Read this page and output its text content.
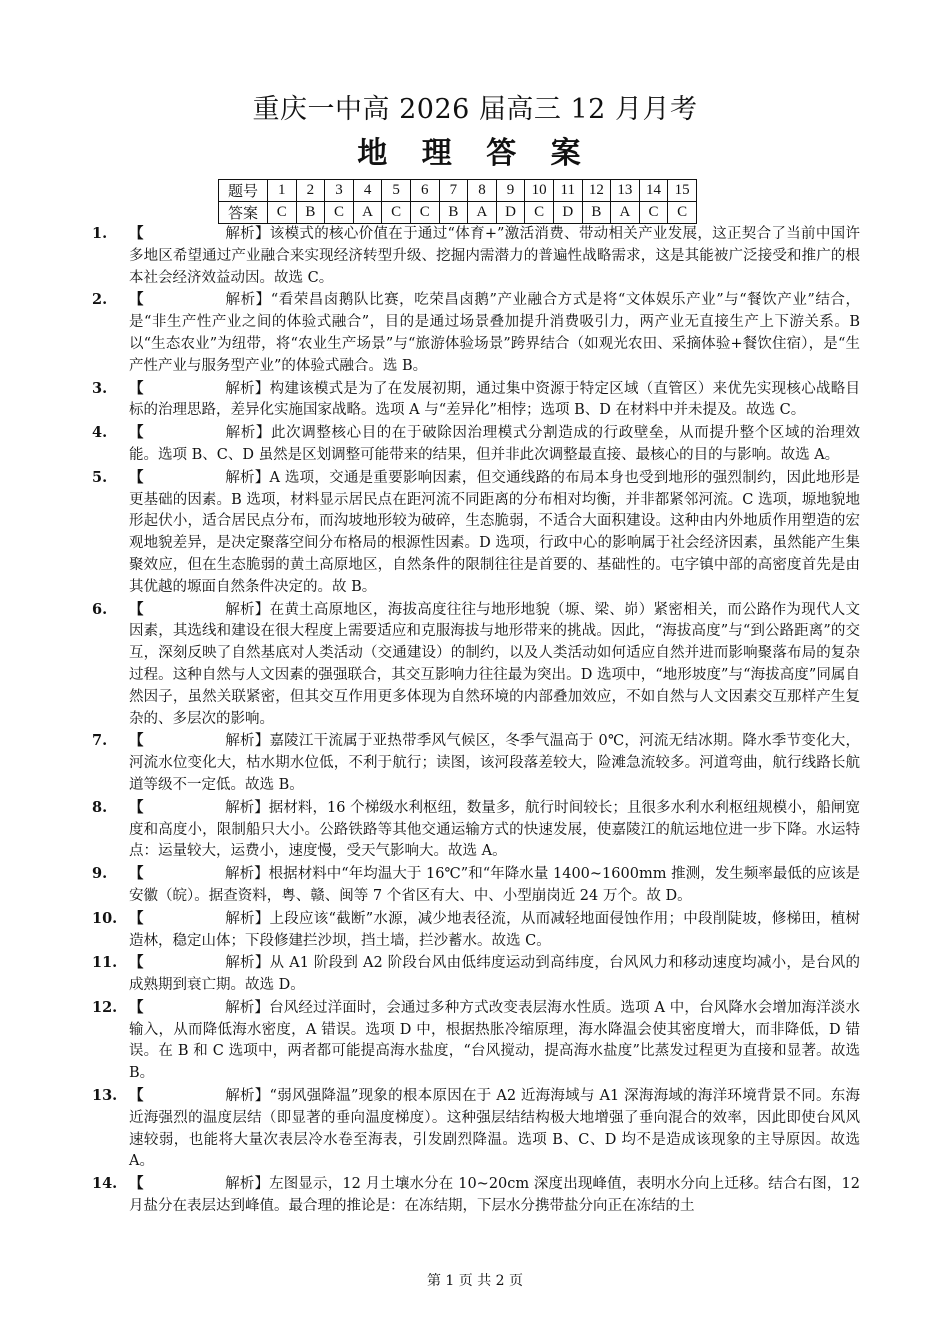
重庆一中高 2026 届高三 12 月月考
地 理 答 案
题号	1	2	3	4	5	6	7	8	9	10	11	12	13	14	15
答案	C	B	C	A	C	C	B	A	D	C	D	B	A	C	C
1. 【	解析】该模式的核心价值在于通过“体育+”激活消费、带动相关产业发展，这正契合了当前中国许多地区希望通过产业融合来实现经济转型升级、挖掘内需潜力的普遍性战略需求，这是其能被广泛接受和推广的根本社会经济效益动因。故选 C。
2. 【	解析】“看荣昌卤鹅队比赛，吃荣昌卤鹅”产业融合方式是将“文体娱乐产业”与“餐饮产业”结合，是“非生产性产业之间的体验式融合”，目的是通过场景叠加提升消费吸引力，两产业无直接生产上下游关系。B 以“生态农业”为纽带，将“农业生产场景”与“旅游体验场景”跨界结合（如观光农田、采摘体验+餐饮住宿），是“生产性产业与服务型产业”的体验式融合。选 B。
3. 【	解析】构建该模式是为了在发展初期，通过集中资源于特定区域（直管区）来优先实现核心战略目标的治理思路，差异化实施国家战略。选项 A 与“差异化”相悖；选项 B、D 在材料中并未提及。故选 C。
4. 【	解析】此次调整核心目的在于破除因治理模式分割造成的行政壁垒，从而提升整个区域的治理效能。选项 B、C、D 虽然是区划调整可能带来的结果，但并非此次调整最直接、最核心的目的与影响。故选 A。
5. 【	解析】A 选项，交通是重要影响因素，但交通线路的布局本身也受到地形的强烈制约，因此地形是更基础的因素。B 选项，材料显示居民点在距河流不同距离的分布相对均衡，并非都紧邻河流。C 选项，塬地貌地形起伏小，适合居民点分布，而沟坡地形较为破碎，生态脆弱，不适合大面积建设。这种由内外地质作用塑造的宏观地貌差异，是决定聚落空间分布格局的根源性因素。D 选项，行政中心的影响属于社会经济因素，虽然能产生集聚效应，但在生态脆弱的黄土高原地区，自然条件的限制往往是首要的、基础性的。屯字镇中部的高密度首先是由其优越的塬面自然条件决定的。故 B。
6. 【	解析】在黄土高原地区，海拔高度往往与地形地貌（塬、梁、峁）紧密相关，而公路作为现代人文因素，其选线和建设在很大程度上需要适应和克服海拔与地形带来的挑战。因此，“海拔高度”与“到公路距离”的交互，深刻反映了自然基底对人类活动（交通建设）的制约，以及人类活动如何适应自然并进而影响聚落布局的复杂过程。这种自然与人文因素的强强联合，其交互影响力往往最为突出。D 选项中，“地形坡度”与“海拔高度”同属自然因子，虽然关联紧密，但其交互作用更多体现为自然环境的内部叠加效应，不如自然与人文因素交互那样产生复杂的、多层次的影响。
7. 【	解析】嘉陵江干流属于亚热带季风气候区，冬季气温高于 0℃，河流无结冰期。降水季节变化大，河流水位变化大，枯水期水位低，不利于航行；读图，该河段落差较大，险滩急流较多。河道弯曲，航行线路长航道等级不一定低。故选 B。
8. 【	解析】据材料，16 个梯级水利枢纽，数量多，航行时间较长；且很多水利水利枢纽规模小，船闸宽度和高度小，限制船只大小。公路铁路等其他交通运输方式的快速发展，使嘉陵江的航运地位进一步下降。水运特点：运量较大，运费小，速度慢，受天气影响大。故选 A。
9. 【	解析】根据材料中“年均温大于 16℃”和“年降水量 1400~1600mm 推测，发生频率最低的应该是安徽（皖）。据查资料，粤、赣、闽等 7 个省区有大、中、小型崩岗近 24 万个。故 D。
10. 【	解析】上段应该“截断”水源，减少地表径流，从而减轻地面侵蚀作用；中段削陡坡，修梯田，植树造林，稳定山体；下段修建拦沙坝，挡土墙，拦沙蓄水。故选 C。
11. 【	解析】从 A1 阶段到 A2 阶段台风由低纬度运动到高纬度，台风风力和移动速度均减小，是台风的成熟期到衰亡期。故选 D。
12. 【	解析】台风经过洋面时，会通过多种方式改变表层海水性质。选项 A 中，台风降水会增加海洋淡水输入，从而降低海水密度，A 错误。选项 D 中，根据热胀冷缩原理，海水降温会使其密度增大，而非降低，D 错误。在 B 和 C 选项中，两者都可能提高海水盐度，“台风搅动，提高海水盐度”比蒸发过程更为直接和显著。故选 B。
13. 【	解析】“弱风强降温”现象的根本原因在于 A2 近海海域与 A1 深海海域的海洋环境背景不同。东海近海强烈的温度层结（即显著的垂向温度梯度）。这种强层结结构极大地增强了垂向混合的效率，因此即使台风风速较弱，也能将大量次表层冷水卷至海表，引发剧烈降温。选项 B、C、D 均不是造成该现象的主导原因。故选 A。
14. 【	解析】左图显示，12 月土壤水分在 10~20cm 深度出现峰值，表明水分向上迁移。结合右图，12 月盐分在表层达到峰值。最合理的推论是：在冻结期，下层水分携带盐分向正在冻结的土
第 1 页 共 2 页
